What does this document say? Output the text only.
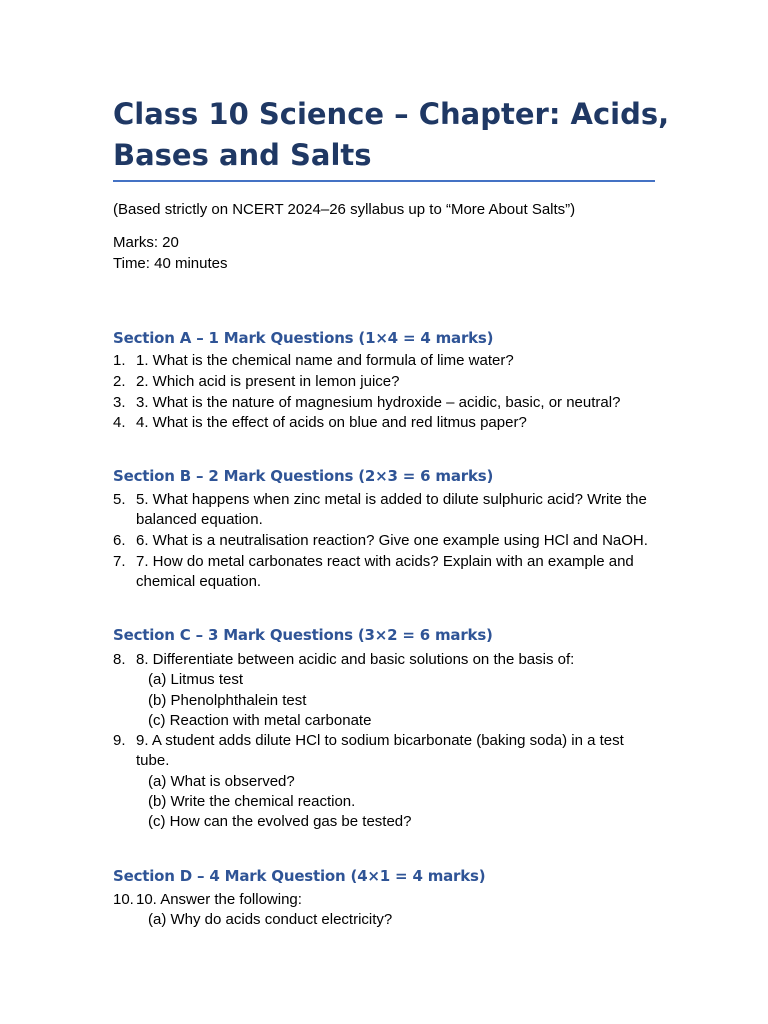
Class 10 Science – Chapter: Acids, Bases and Salts

(Based strictly on NCERT 2024–26 syllabus up to “More About Salts”)

Marks: 20

Time: 40 minutes

Section A – 1 Mark Questions (1×4 = 4 marks)

1. 1. What is the chemical name and formula of lime water?
2. 2. Which acid is present in lemon juice?
3. 3. What is the nature of magnesium hydroxide – acidic, basic, or neutral?
4. 4. What is the effect of acids on blue and red litmus paper?

Section B – 2 Mark Questions (2×3 = 6 marks)

5. 5. What happens when zinc metal is added to dilute sulphuric acid? Write the balanced equation.
6. 6. What is a neutralisation reaction? Give one example using HCl and NaOH.
7. 7. How do metal carbonates react with acids? Explain with an example and chemical equation.

Section C – 3 Mark Questions (3×2 = 6 marks)

8. 8. Differentiate between acidic and basic solutions on the basis of:
(a) Litmus test
(b) Phenolphthalein test
(c) Reaction with metal carbonate
9. 9. A student adds dilute HCl to sodium bicarbonate (baking soda) in a test tube.
(a) What is observed?
(b) Write the chemical reaction.
(c) How can the evolved gas be tested?

Section D – 4 Mark Question (4×1 = 4 marks)

10. 10. Answer the following:
(a) Why do acids conduct electricity?
